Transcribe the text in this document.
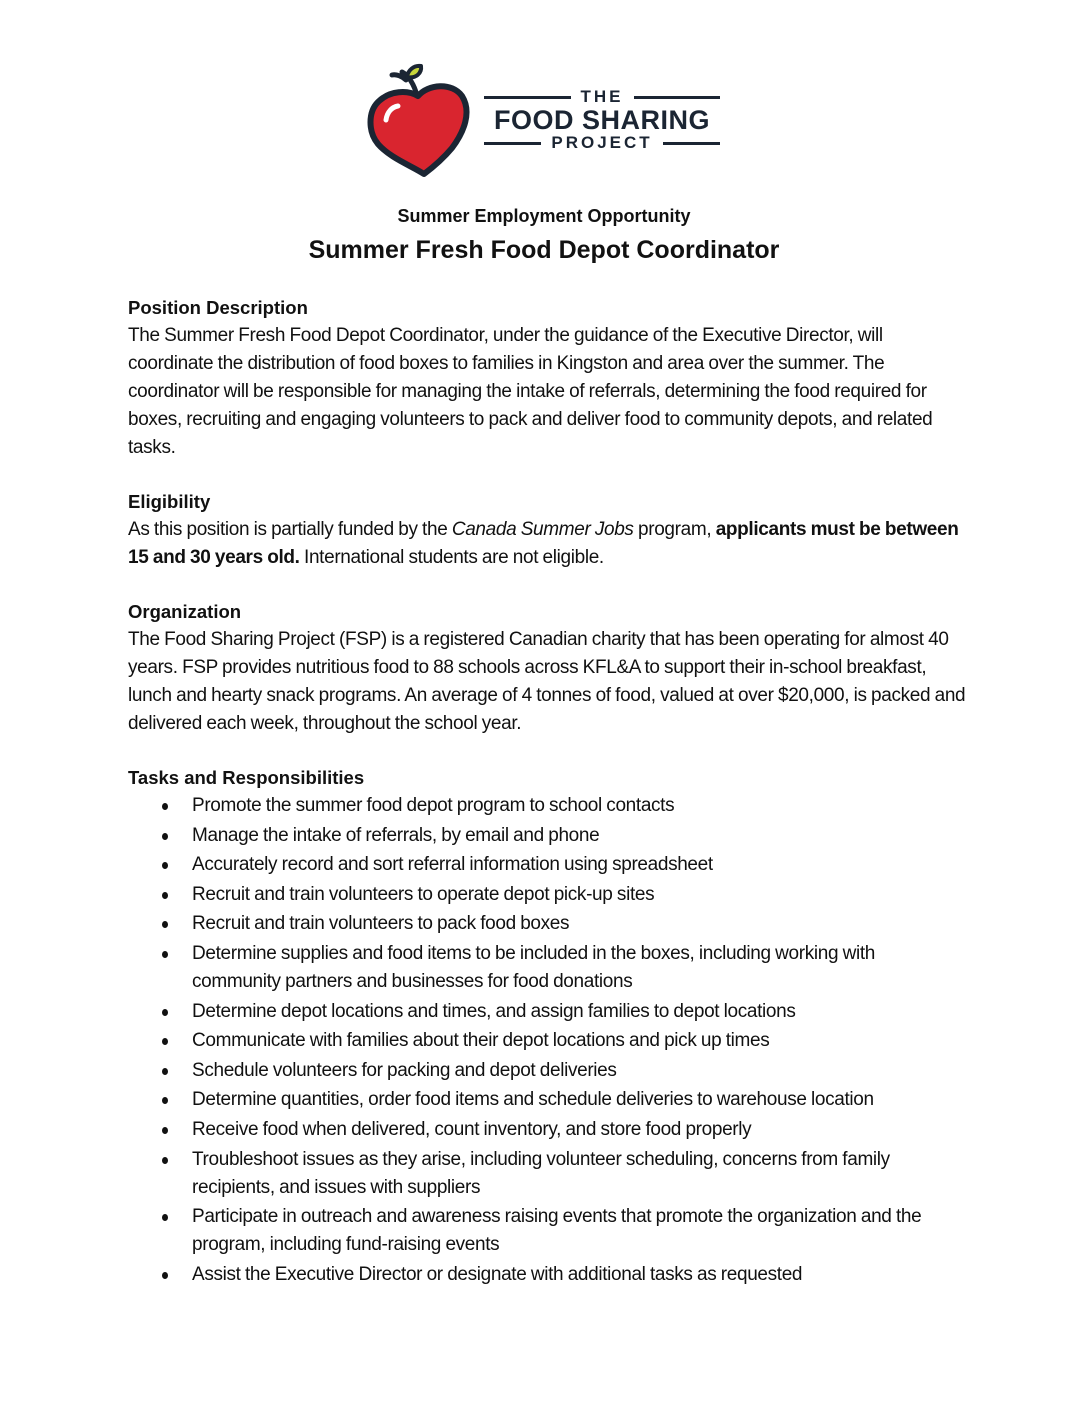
THE
FOOD SHARING
PROJECT
Summer Employment Opportunity
Summer Fresh Food Depot Coordinator
Position Description

The Summer Fresh Food Depot Coordinator, under the guidance of the Executive Director, will coordinate the distribution of food boxes to families in Kingston and area over the summer. The coordinator will be responsible for managing the intake of referrals, determining the food required for boxes, recruiting and engaging volunteers to pack and deliver food to community depots, and related tasks.

Eligibility

As this position is partially funded by the Canada Summer Jobs program, applicants must be between 15 and 30 years old. International students are not eligible.

Organization

The Food Sharing Project (FSP) is a registered Canadian charity that has been operating for almost 40 years. FSP provides nutritious food to 88 schools across KFL&A to support their in-school breakfast, lunch and hearty snack programs. An average of 4 tonnes of food, valued at over $20,000, is packed and delivered each week, throughout the school year.

Tasks and Responsibilities
Promote the summer food depot program to school contacts
Manage the intake of referrals, by email and phone
Accurately record and sort referral information using spreadsheet
Recruit and train volunteers to operate depot pick-up sites
Recruit and train volunteers to pack food boxes
Determine supplies and food items to be included in the boxes, including working with community partners and businesses for food donations
Determine depot locations and times, and assign families to depot locations
Communicate with families about their depot locations and pick up times
Schedule volunteers for packing and depot deliveries
Determine quantities, order food items and schedule deliveries to warehouse location
Receive food when delivered, count inventory, and store food properly
Troubleshoot issues as they arise, including volunteer scheduling, concerns from family recipients, and issues with suppliers
Participate in outreach and awareness raising events that promote the organization and the program, including fund-raising events
Assist the Executive Director or designate with additional tasks as requested
